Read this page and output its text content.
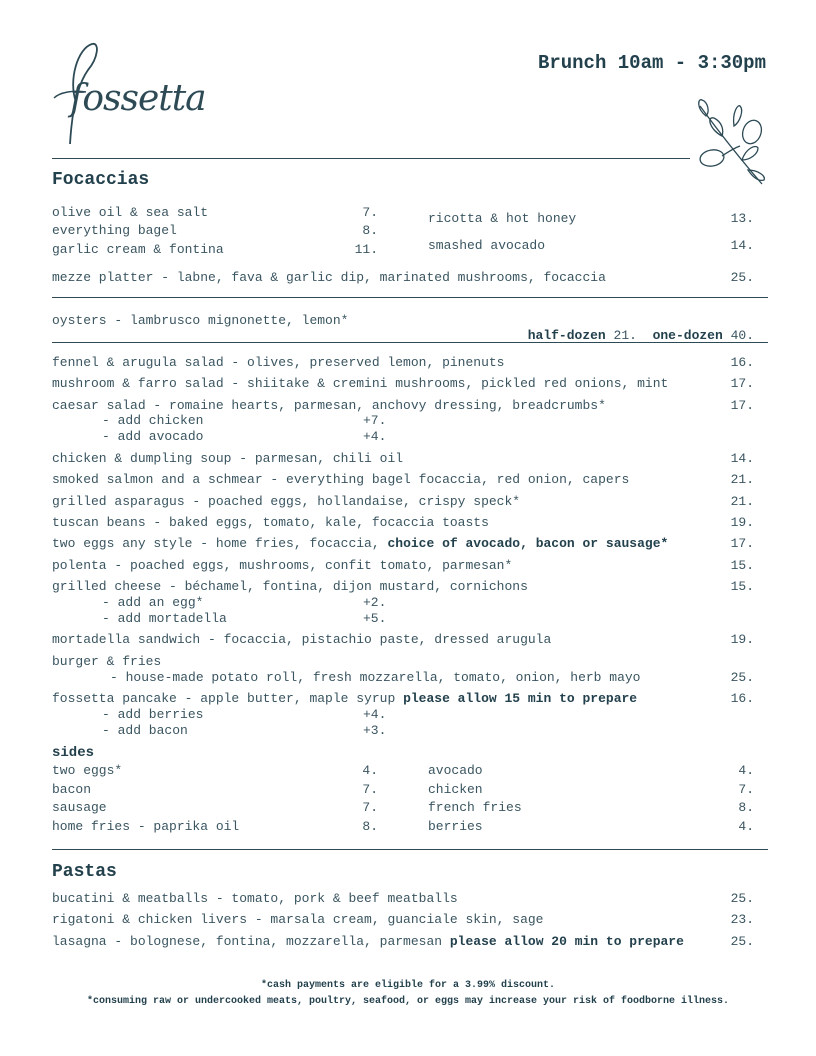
fossetta
Brunch 10am - 3:30pm
Focaccias
olive oil & sea salt	7.
everything bagel	8.
garlic cream & fontina	11.
ricotta & hot honey	13.
smashed avocado	14.
mezze platter - labne, fava & garlic dip, marinated mushrooms, focaccia	25.
oysters - lambrusco mignonette, lemon*

half-dozen 21. one-dozen 40.

fennel & arugula salad - olives, preserved lemon, pinenuts	16.
mushroom & farro salad - shiitake & cremini mushrooms, pickled red onions, mint	17.
caesar salad - romaine hearts, parmesan, anchovy dressing, breadcrumbs*	17.
- add chicken	+7.
- add avocado	+4.
chicken & dumpling soup - parmesan, chili oil	14.
smoked salmon and a schmear - everything bagel focaccia, red onion, capers	21.
grilled asparagus - poached eggs, hollandaise, crispy speck*	21.
tuscan beans - baked eggs, tomato, kale, focaccia toasts	19.
two eggs any style - home fries, focaccia, choice of avocado, bacon or sausage*	17.
polenta - poached eggs, mushrooms, confit tomato, parmesan*	15.
grilled cheese - béchamel, fontina, dijon mustard, cornichons	15.
- add an egg*	+2.
- add mortadella	+5.
mortadella sandwich - focaccia, pistachio paste, dressed arugula	19.
burger & fries
- house-made potato roll, fresh mozzarella, tomato, onion, herb mayo	25.
fossetta pancake - apple butter, maple syrup please allow 15 min to prepare	16.
- add berries	+4.
- add bacon	+3.
sides
two eggs*	4.
bacon	7.
sausage	7.
home fries - paprika oil	8.
avocado	4.
chicken	7.
french fries	8.
berries	4.
Pastas
bucatini & meatballs - tomato, pork & beef meatballs	25.
rigatoni & chicken livers - marsala cream, guanciale skin, sage	23.
lasagna - bolognese, fontina, mozzarella, parmesan please allow 20 min to prepare	25.
*cash payments are eligible for a 3.99% discount.
*consuming raw or undercooked meats, poultry, seafood, or eggs may increase your risk of foodborne illness.
